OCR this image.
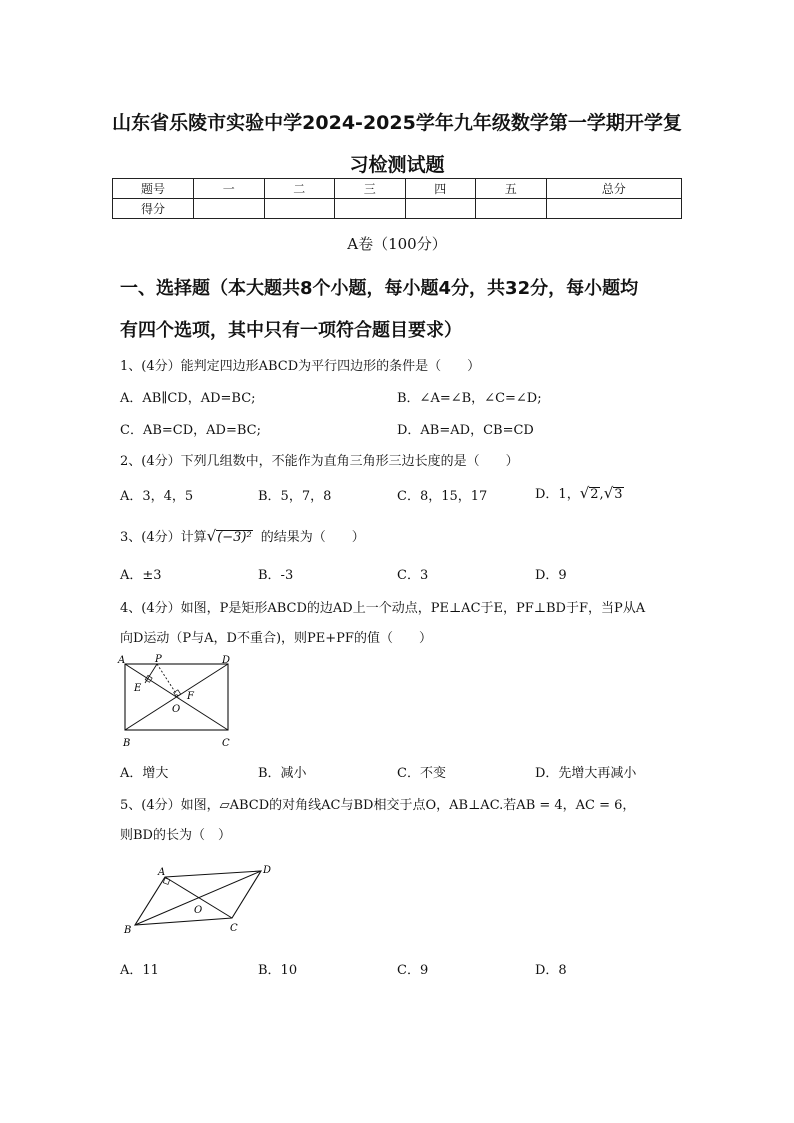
山东省乐陵市实验中学2024-2025学年九年级数学第一学期开学复
习检测试题
题号	一	二	三	四	五	总分
得分						
A卷（100分）
一、选择题（本大题共8个小题，每小题4分，共32分，每小题均
有四个选项，其中只有一项符合题目要求）
1、(4分）能判定四边形ABCD为平行四边形的条件是（　　）
A．AB∥CD，AD=BC;	B．∠A=∠B，∠C=∠D;
C．AB=CD，AD=BC;	D．AB=AD，CB=CD
2、(4分）下列几组数中，不能作为直角三角形三边长度的是（　　）
A．3，4，5	B．5，7，8	C．8，15，17	D．1，√2,√3
3、(4分）计算√(−3)² 的结果为（　　）
A．±3	B．-3	C．3	D．9
4、(4分）如图，P是矩形ABCD的边AD上一个动点，PE⊥AC于E，PF⊥BD于F，当P从A
向D运动（P与A，D不重合)，则PE+PF的值（　　）
A	P	D
E
F
O
B	C
A．增大	B．减小	C．不变	D．先增大再减小
5、(4分）如图，▱ABCD的对角线AC与BD相交于点O，AB⊥AC.若AB = 4，AC = 6，
则BD的长为（　）
A	D
O
B	C
A．11	B．10	C．9	D．8
